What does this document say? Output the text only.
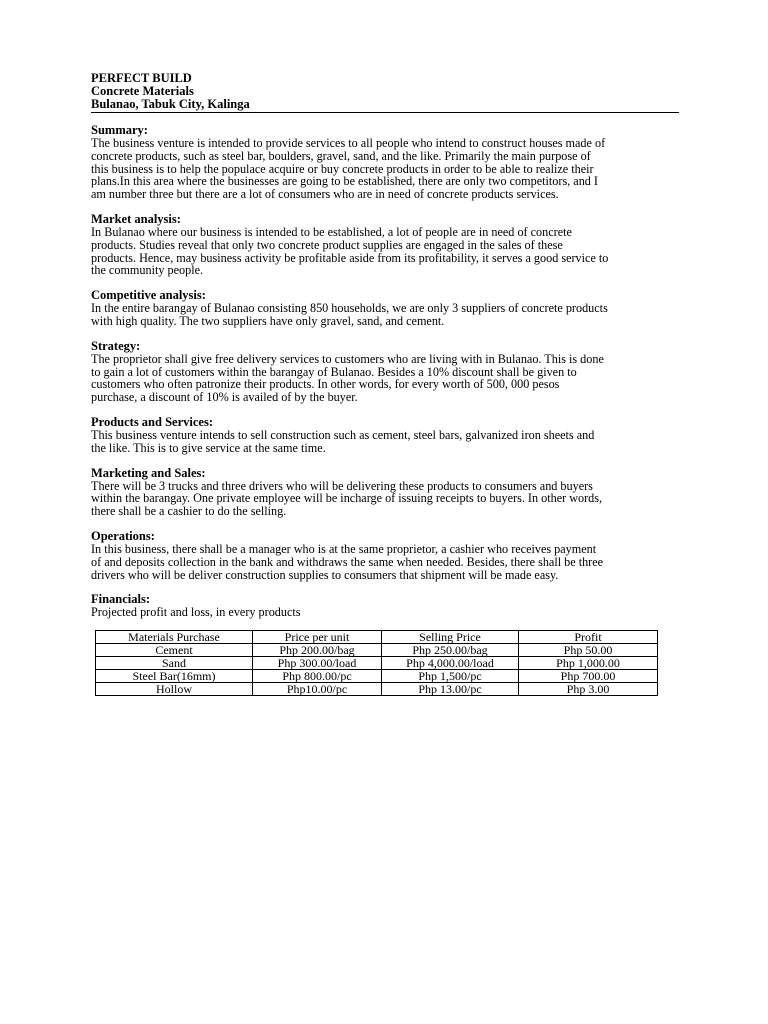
PERFECT BUILD
Concrete Materials
Bulanao, Tabuk City, Kalinga
Summary:
The business venture is intended to provide services to all people who intend to construct houses made of
concrete products, such as steel bar, boulders, gravel, sand, and the like. Primarily the main purpose of
this business is to help the populace acquire or buy concrete products in order to be able to realize their
plans.In this area where the businesses are going to be established, there are only two competitors, and I
am number three but there are a lot of consumers who are in need of concrete products services.
Market analysis:
In Bulanao where our business is intended to be established, a lot of people are in need of concrete
products. Studies reveal that only two concrete product supplies are engaged in the sales of these
products. Hence, may business activity be profitable aside from its profitability, it serves a good service to
the community people.
Competitive analysis:
In the entire barangay of Bulanao consisting 850 households, we are only 3 suppliers of concrete products
with high quality. The two suppliers have only gravel, sand, and cement.
Strategy:
The proprietor shall give free delivery services to customers who are living with in Bulanao. This is done
to gain a lot of customers within the barangay of Bulanao. Besides a 10% discount shall be given to
customers who often patronize their products. In other words, for every worth of 500, 000 pesos
purchase, a discount of 10% is availed of by the buyer.
Products and Services:
This business venture intends to sell construction such as cement, steel bars, galvanized iron sheets and
the like. This is to give service at the same time.
Marketing and Sales:
There will be 3 trucks and three drivers who will be delivering these products to consumers and buyers
within the barangay. One private employee will be incharge of issuing receipts to buyers. In other words,
there shall be a cashier to do the selling.
Operations:
In this business, there shall be a manager who is at the same proprietor, a cashier who receives payment
of and deposits collection in the bank and withdraws the same when needed. Besides, there shall be three
drivers who will be deliver construction supplies to consumers that shipment will be made easy.
Financials:
Projected profit and loss, in every products
Materials Purchase	Price per unit	Selling Price	Profit
Cement	Php 200.00/bag	Php 250.00/bag	Php 50.00
Sand	Php 300.00/load	Php 4,000.00/load	Php 1,000.00
Steel Bar(16mm)	Php 800.00/pc	Php 1,500/pc	Php 700.00
Hollow	Php10.00/pc	Php 13.00/pc	Php 3.00
